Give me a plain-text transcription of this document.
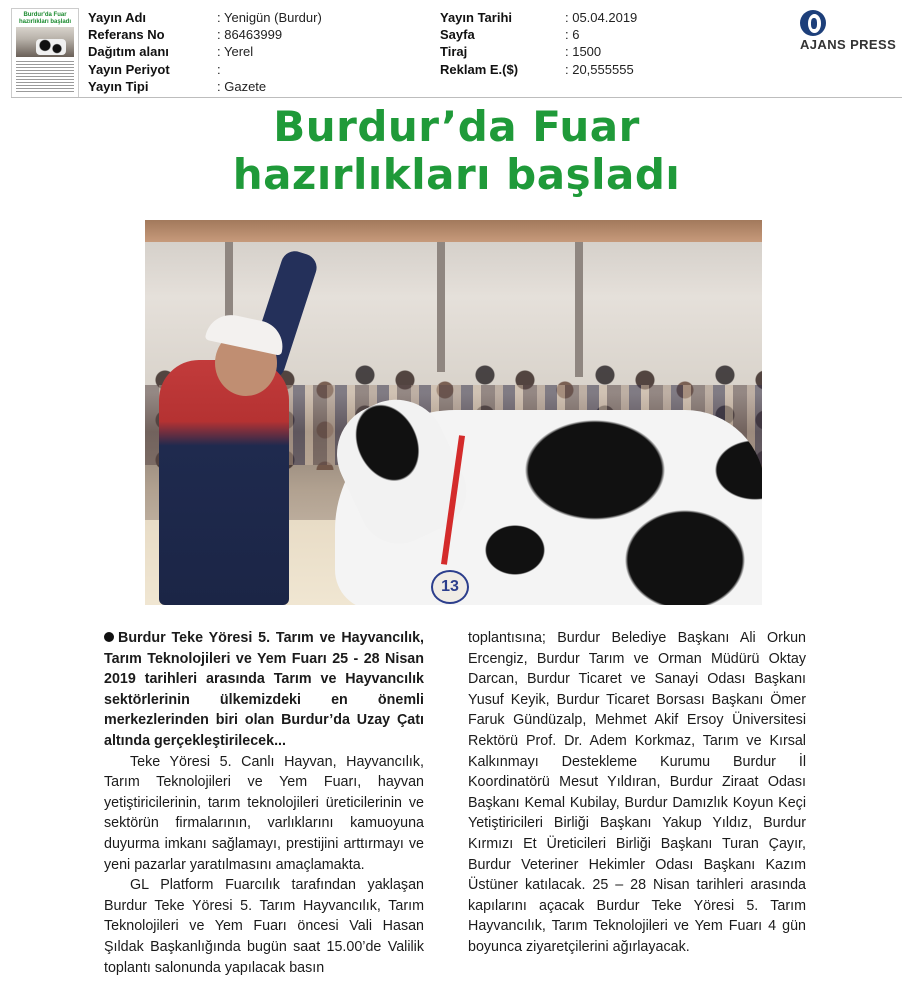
Burdur'da Fuar hazırlıkları başladı Yayın Adı	: Yenigün (Burdur)
Referans No	: 86463999
Dağıtım alanı	: Yerel
Yayın Periyot	:
Yayın Tipi	: Gazete
Yayın Tarihi	: 05.04.2019
Sayfa	: 6
Tiraj	: 1500
Reklam E.($)	: 20,555555
AJANS PRESS
Burdur’da Fuar
hazırlıkları başladı
13

Burdur Teke Yöresi 5. Tarım ve Hayvancılık, Tarım Teknolojileri ve Yem Fuarı 25 - 28 Nisan 2019 tarihleri arasında Tarım ve Hayvancılık sektörlerinin ülkemizdeki en önemli merkezlerinden biri olan Burdur’da Uzay Çatı altında gerçekleştirilecek...

Teke Yöresi 5. Canlı Hayvan, Hayvancılık, Tarım Teknolojileri ve Yem Fuarı, hayvan yetiştiricilerinin, tarım teknolojileri üreticilerinin ve sektörün firmalarının, varlıklarını kamuoyuna duyurma imkanı sağlamayı, prestijini arttırmayı ve yeni pazarlar yaratılmasını amaçlamakta.

GL Platform Fuarcılık tarafından yaklaşan Burdur Teke Yöresi 5. Tarım Hayvancılık, Tarım Teknolojileri ve Yem Fuarı öncesi Vali Hasan Şıldak Başkanlığında bugün saat 15.00’de Valilik toplantı salonunda yapılacak basın

toplantısına; Burdur Belediye Başkanı Ali Orkun Ercengiz, Burdur Tarım ve Orman Müdürü Oktay Darcan, Burdur Ticaret ve Sanayi Odası Başkanı Yusuf Keyik, Burdur Ticaret Borsası Başkanı Ömer Faruk Gündüzalp, Mehmet Akif Ersoy Üniversitesi Rektörü Prof. Dr. Adem Korkmaz, Tarım ve Kırsal Kalkınmayı Destekleme Kurumu Burdur İl Koordinatörü Mesut Yıldıran, Burdur Ziraat Odası Başkanı Kemal Kubilay, Burdur Damızlık Koyun Keçi Yetiştiricileri Birliği Başkanı Yakup Yıldız, Burdur Kırmızı Et Üreticileri Birliği Başkanı Turan Çayır, Burdur Veteriner Hekimler Odası Başkanı Kazım Üstüner katılacak. 25 – 28 Nisan tarihleri arasında kapılarını açacak Burdur Teke Yöresi 5. Tarım Hayvancılık, Tarım Teknolojileri ve Yem Fuarı 4 gün boyunca ziyaretçilerini ağırlayacak.
